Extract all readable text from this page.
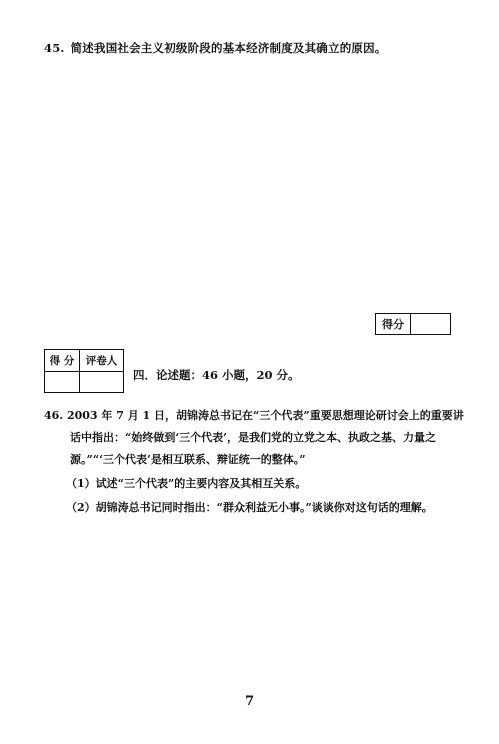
45. 简述我国社会主义初级阶段的基本经济制度及其确立的原因。
得分
得 分	评卷人
四．论述题：46 小题，20 分。
46. 2003 年 7 月 1 日，胡锦涛总书记在“三个代表”重要思想理论研讨会上的重要讲
话中指出：“始终做到‘三个代表’，是我们党的立党之本、执政之基、力量之
源。”“‘三个代表’是相互联系、辩证统一的整体。”
（1）试述“三个代表”的主要内容及其相互关系。
（2）胡锦涛总书记同时指出：“群众利益无小事。”谈谈你对这句话的理解。
7
